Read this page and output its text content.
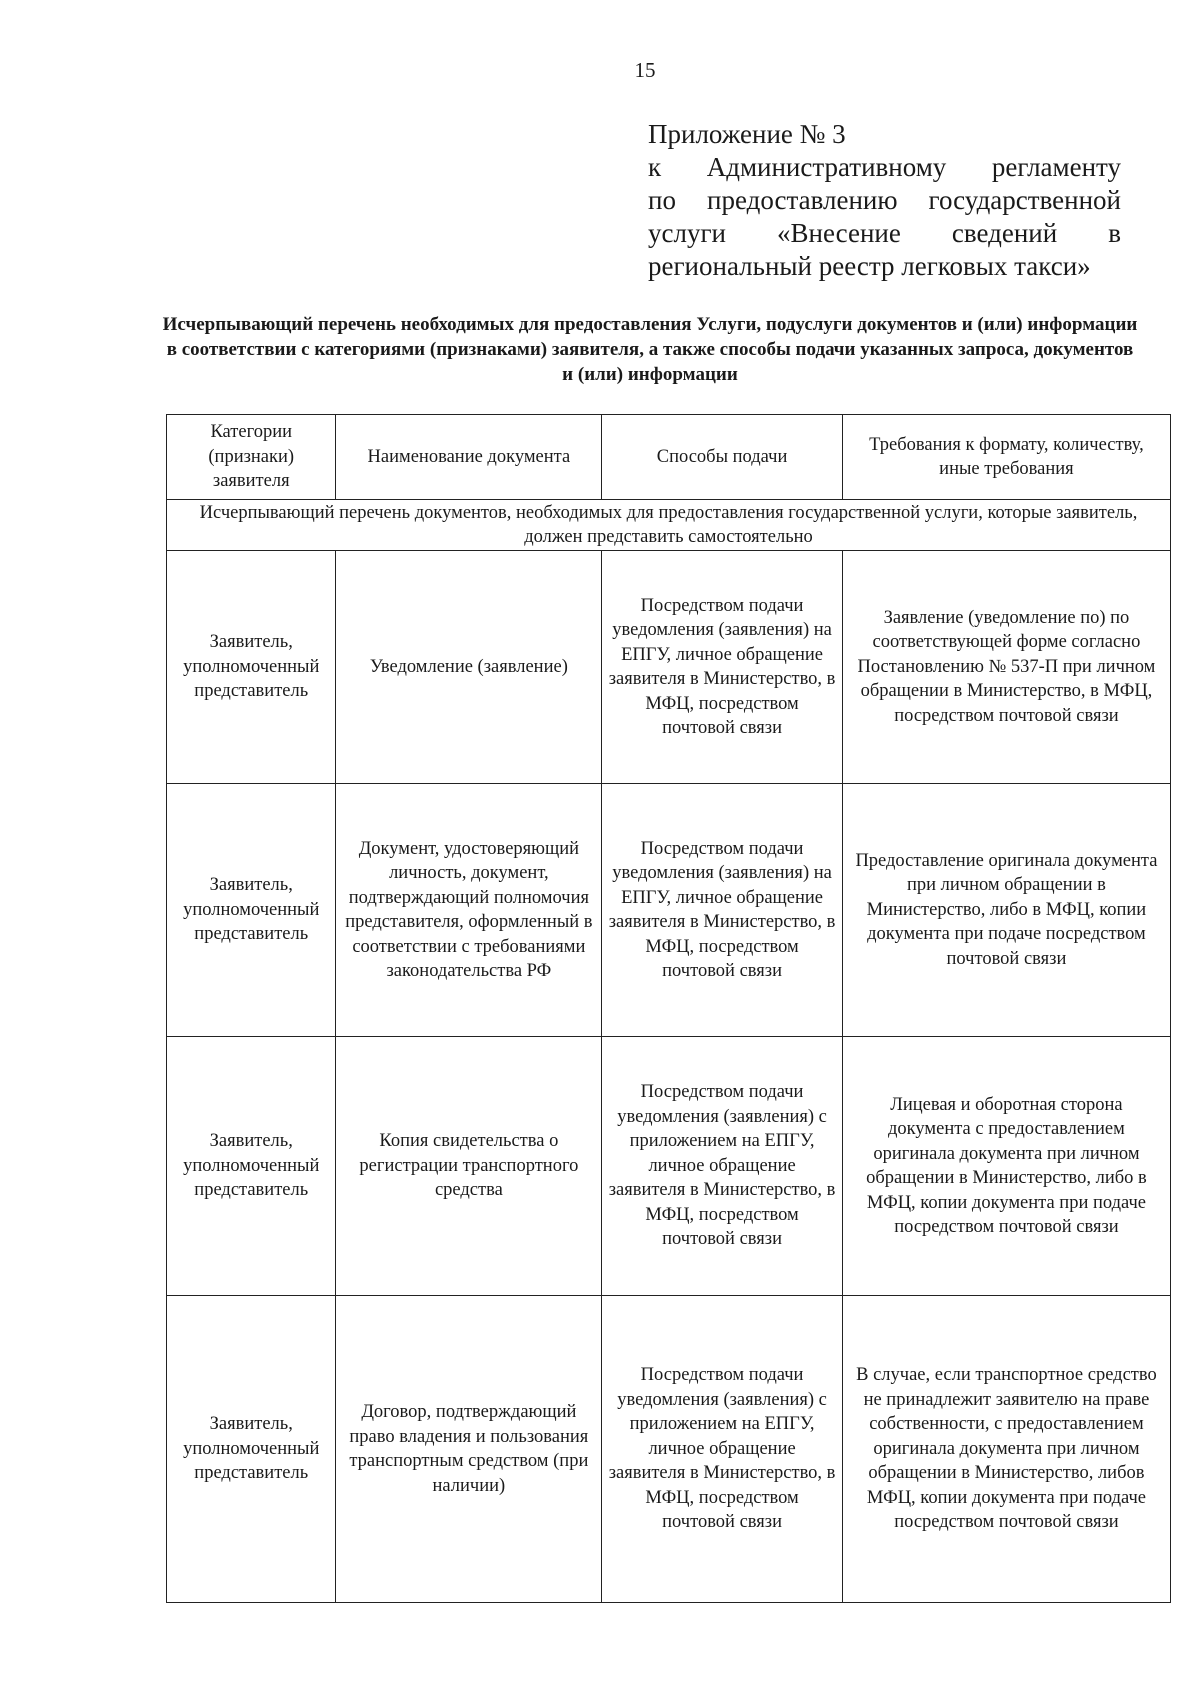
15
Приложение № 3
к Административному регламенту
по предоставлению государственной
услуги «Внесение сведений в
региональный реестр легковых такси»
Исчерпывающий перечень необходимых для предоставления Услуги, подуслуги документов и (или) информации в соответствии с категориями (признаками) заявителя, а также способы подачи указанных запроса, документов и (или) информации
Категории (признаки) заявителя	Наименование документа	Способы подачи	Требования к формату, количеству, иные требования
Исчерпывающий перечень документов, необходимых для предоставления государственной услуги, которые заявитель, должен представить самостоятельно			
Заявитель, уполномоченный представитель	Уведомление (заявление)	Посредством подачи уведомления (заявления) на ЕПГУ, личное обращение заявителя в Министерство, в МФЦ, посредством почтовой связи	Заявление (уведомление по) по соответствующей форме согласно Постановлению № 537-П при личном обращении в Министерство, в МФЦ, посредством почтовой связи
Заявитель, уполномоченный представитель	Документ, удостоверяющий личность, документ, подтверждающий полномочия представителя, оформленный в соответствии с требованиями законодательства РФ	Посредством подачи уведомления (заявления) на ЕПГУ, личное обращение заявителя в Министерство, в МФЦ, посредством почтовой связи	Предоставление оригинала документа при личном обращении в Министерство, либо в МФЦ, копии документа при подаче посредством почтовой связи
Заявитель, уполномоченный представитель	Копия свидетельства о регистрации транспортного средства	Посредством подачи уведомления (заявления) с приложением на ЕПГУ, личное обращение заявителя в Министерство, в МФЦ, посредством почтовой связи	Лицевая и оборотная сторона документа с предоставлением оригинала документа при личном обращении в Министерство, либо в МФЦ, копии документа при подаче посредством почтовой связи
Заявитель, уполномоченный представитель	Договор, подтверждающий право владения и пользования транспортным средством (при наличии)	Посредством подачи уведомления (заявления) с приложением на ЕПГУ, личное обращение заявителя в Министерство, в МФЦ, посредством почтовой связи	В случае, если транспортное средство не принадлежит заявителю на праве собственности, с предоставлением оригинала документа при личном обращении в Министерство, либов МФЦ, копии документа при подаче посредством почтовой связи
